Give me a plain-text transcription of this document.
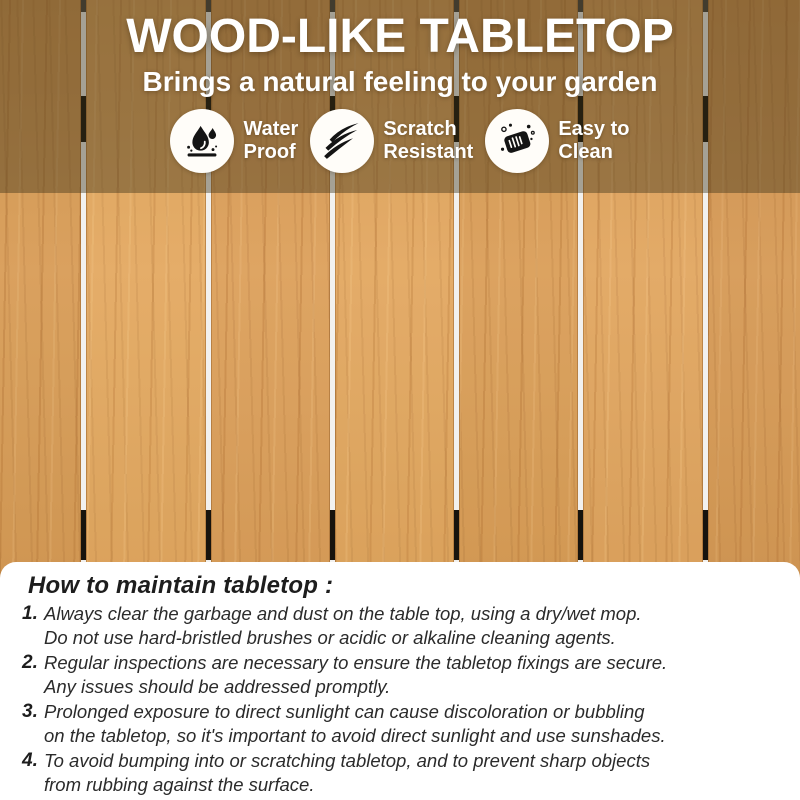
WOOD-LIKE TABLETOP
Brings a natural feeling to your garden
Water
Proof
Scratch
Resistant
Easy to
Clean
How to maintain tabletop :
1. Always clear the garbage and dust on the table top, using a dry/wet mop.
Do not use hard-bristled brushes or acidic or alkaline cleaning agents.
2. Regular inspections are necessary to ensure the tabletop fixings are secure.
Any issues should be addressed promptly.
3. Prolonged exposure to direct sunlight can cause discoloration or bubbling
on the tabletop, so it's important to avoid direct sunlight and use sunshades.
4. To avoid bumping into or scratching tabletop, and to prevent sharp objects
from rubbing against the surface.
